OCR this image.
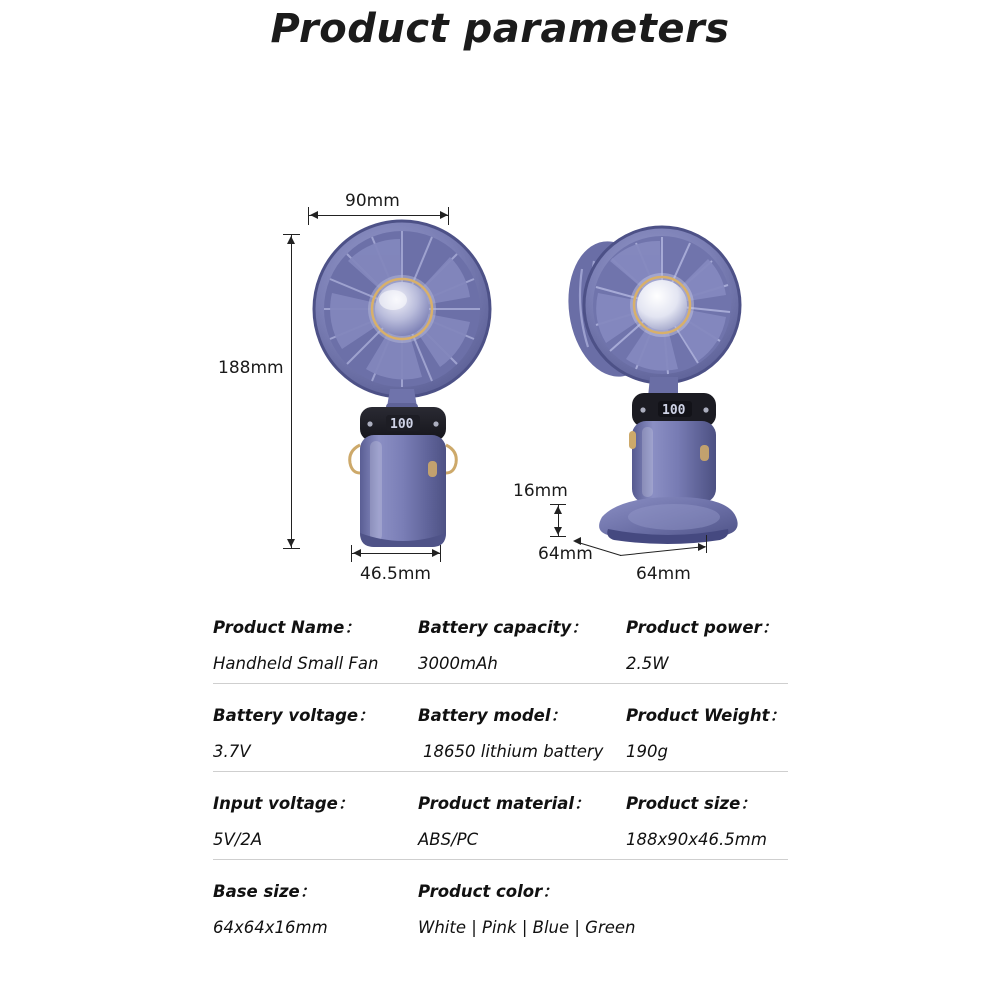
Product parameters
100
100
90mm
188mm
46.5mm
16mm
64mm
64mm
Product Name：
Handheld Small Fan
Battery capacity：
3000mAh
Product power：
2.5W
Battery voltage：
3.7V
Battery model：
18650 lithium battery
Product Weight：
190g
Input voltage：
5V/2A
Product material：
ABS/PC
Product size：
188x90x46.5mm
Base size：
64x64x16mm
Product color：
White | Pink | Blue | Green
